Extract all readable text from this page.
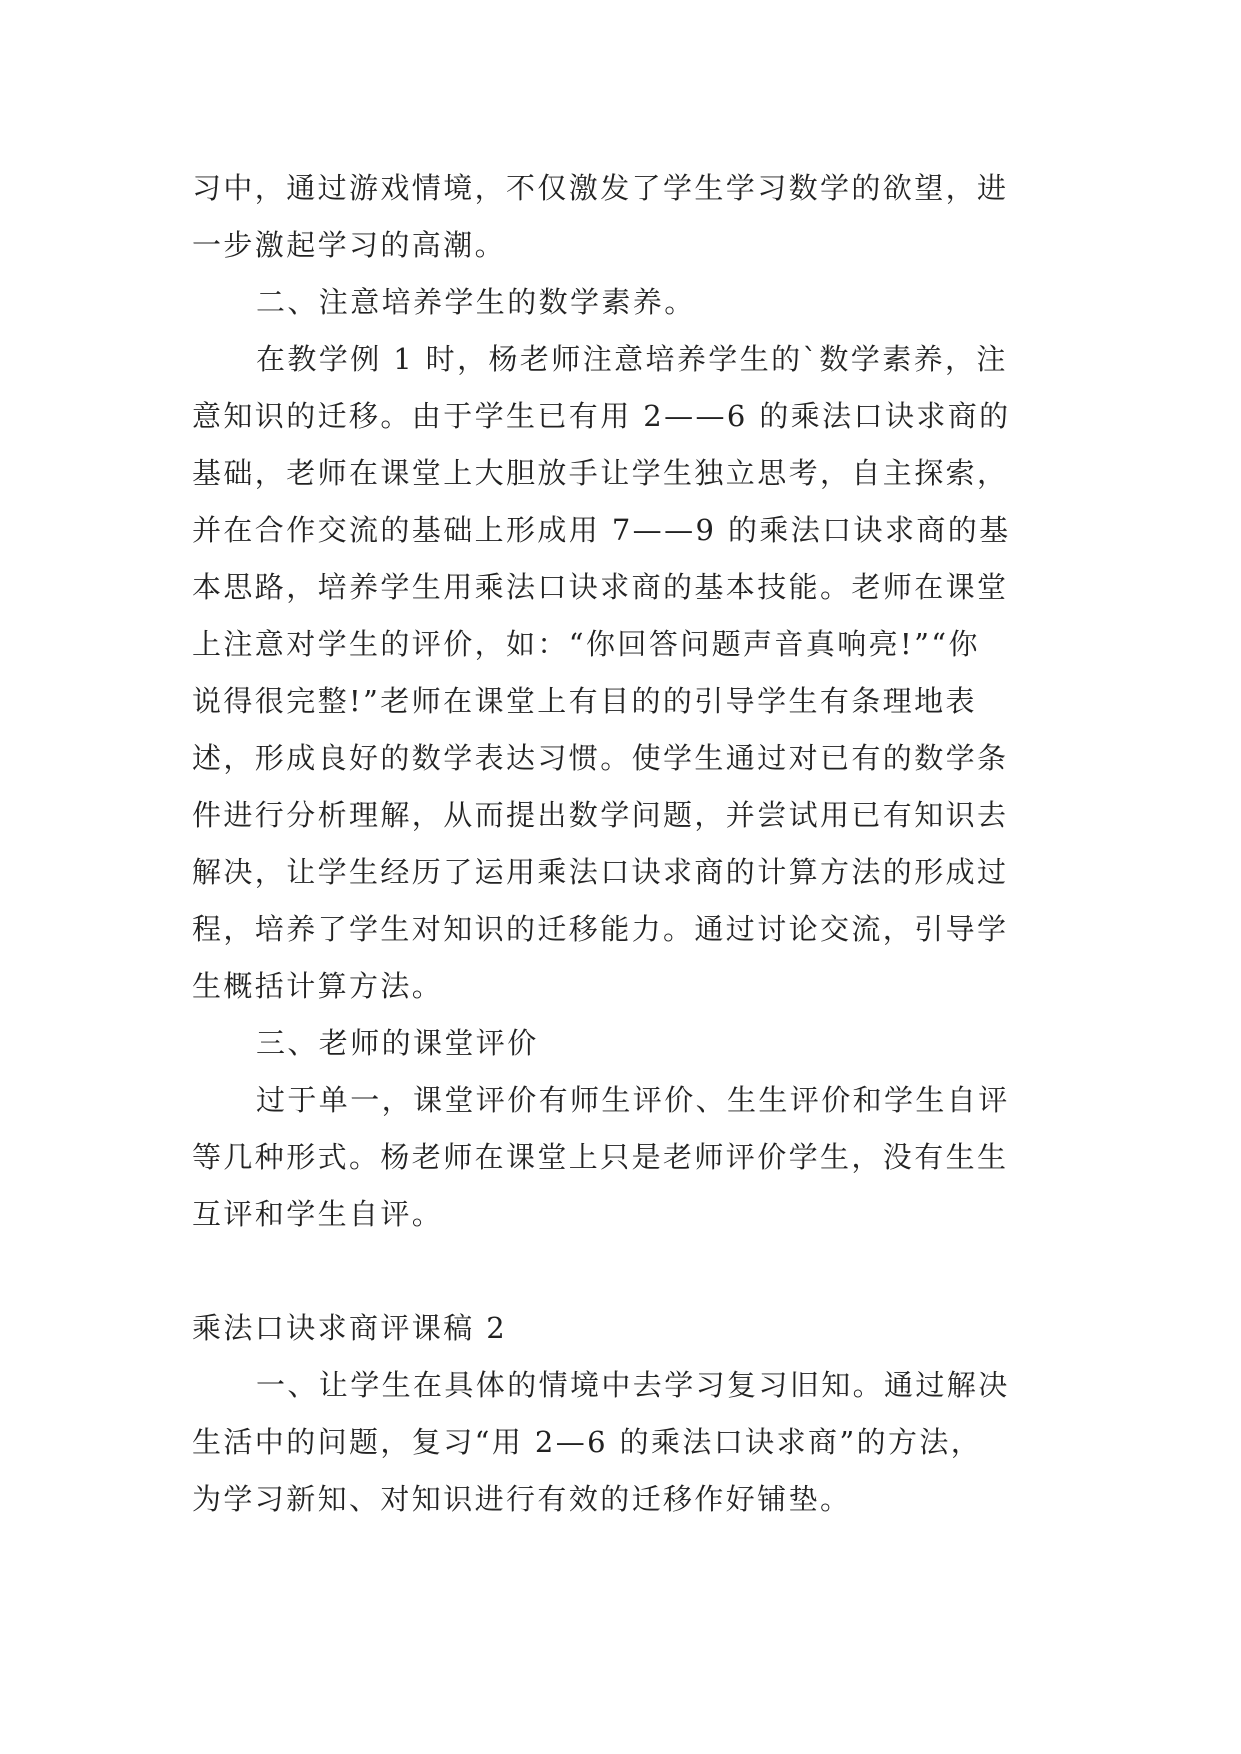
习中，通过游戏情境，不仅激发了学生学习数学的欲望，进
一步激起学习的高潮。
二、注意培养学生的数学素养。
在教学例 1 时，杨老师注意培养学生的`数学素养，注
意知识的迁移。由于学生已有用 2——6 的乘法口诀求商的
基础，老师在课堂上大胆放手让学生独立思考，自主探索，
并在合作交流的基础上形成用 7——9 的乘法口诀求商的基
本思路，培养学生用乘法口诀求商的基本技能。老师在课堂
上注意对学生的评价，如：“你回答问题声音真响亮!”“你
说得很完整!”老师在课堂上有目的的引导学生有条理地表
述，形成良好的数学表达习惯。使学生通过对已有的数学条
件进行分析理解，从而提出数学问题，并尝试用已有知识去
解决，让学生经历了运用乘法口诀求商的计算方法的形成过
程，培养了学生对知识的迁移能力。通过讨论交流，引导学
生概括计算方法。
三、老师的课堂评价
过于单一，课堂评价有师生评价、生生评价和学生自评
等几种形式。杨老师在课堂上只是老师评价学生，没有生生
互评和学生自评。
乘法口诀求商评课稿 2
一、让学生在具体的情境中去学习复习旧知。通过解决
生活中的问题，复习“用 2—6 的乘法口诀求商”的方法，
为学习新知、对知识进行有效的迁移作好铺垫。
